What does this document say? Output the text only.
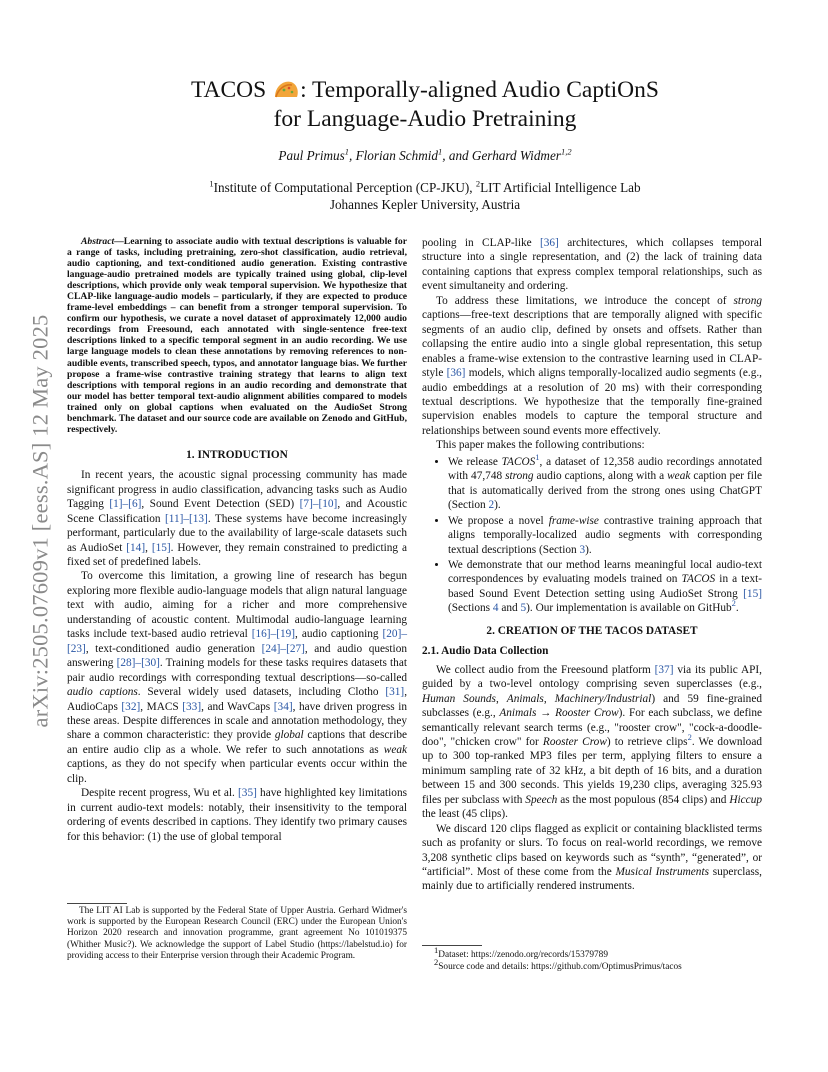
arXiv:2505.07609v1 [eess.AS] 12 May 2025
TACOS : Temporally-aligned Audio CaptiOnS
for Language-Audio Pretraining
Paul Primus$^1$, Florian Schmid$^1$, and Gerhard Widmer$^{1,2}$
$^1$Institute of Computational Perception (CP-JKU), $^2$LIT Artificial Intelligence Lab
Johannes Kepler University, Austria

Abstract—Learning to associate audio with textual descriptions is valuable for a range of tasks, including pretraining, zero-shot classification, audio retrieval, audio captioning, and text-conditioned audio generation. Existing contrastive language-audio pretrained models are typically trained using global, clip-level descriptions, which provide only weak temporal supervision. We hypothesize that CLAP-like language-audio models – particularly, if they are expected to produce frame-level embeddings – can benefit from a stronger temporal supervision. To confirm our hypothesis, we curate a novel dataset of approximately 12,000 audio recordings from Freesound, each annotated with single-sentence free-text descriptions linked to a specific temporal segment in an audio recording. We use large language models to clean these annotations by removing references to non-audible events, transcribed speech, typos, and annotator language bias. We further propose a frame-wise contrastive training strategy that learns to align text descriptions with temporal regions in an audio recording and demonstrate that our model has better temporal text-audio alignment abilities compared to models trained only on global captions when evaluated on the AudioSet Strong benchmark. The dataset and our source code are available on Zenodo and GitHub, respectively.

1. INTRODUCTION

In recent years, the acoustic signal processing community has made significant progress in audio classification, advancing tasks such as Audio Tagging [1]–[6], Sound Event Detection (SED) [7]–[10], and Acoustic Scene Classification [11]–[13]. These systems have become increasingly performant, particularly due to the availability of large-scale datasets such as AudioSet [14], [15]. However, they remain constrained to predicting a fixed set of predefined labels.

To overcome this limitation, a growing line of research has begun exploring more flexible audio-language models that align natural language text with audio, aiming for a richer and more comprehensive understanding of acoustic content. Multimodal audio-language learning tasks include text-based audio retrieval [16]–[19], audio captioning [20]–[23], text-conditioned audio generation [24]–[27], and audio question answering [28]–[30]. Training models for these tasks requires datasets that pair audio recordings with corresponding textual descriptions—so-called audio captions. Several widely used datasets, including Clotho [31], AudioCaps [32], MACS [33], and WavCaps [34], have driven progress in these areas. Despite differences in scale and annotation methodology, they share a common characteristic: they provide global captions that describe an entire audio clip as a whole. We refer to such annotations as weak captions, as they do not specify when particular events occur within the clip.

Despite recent progress, Wu et al. [35] have highlighted key limitations in current audio-text models: notably, their insensitivity to the temporal ordering of events described in captions. They identify two primary causes for this behavior: (1) the use of global temporal

The LIT AI Lab is supported by the Federal State of Upper Austria. Gerhard Widmer's work is supported by the European Research Council (ERC) under the European Union's Horizon 2020 research and innovation programme, grant agreement No 101019375 (Whither Music?). We acknowledge the support of Label Studio (https://labelstud.io) for providing access to their Enterprise version through their Academic Program.

pooling in CLAP-like [36] architectures, which collapses temporal structure into a single representation, and (2) the lack of training data containing captions that express complex temporal relationships, such as event simultaneity and ordering.

To address these limitations, we introduce the concept of strong captions—free-text descriptions that are temporally aligned with specific segments of an audio clip, defined by onsets and offsets. Rather than collapsing the entire audio into a single global representation, this setup enables a frame-wise extension to the contrastive learning used in CLAP-style [36] models, which aligns temporally-localized audio segments (e.g., audio embeddings at a resolution of 20 ms) with their corresponding textual descriptions. We hypothesize that the temporally fine-grained supervision enables models to capture the temporal structure and relationships between sound events more effectively.

This paper makes the following contributions:

• We release TACOS$^1$, a dataset of 12,358 audio recordings annotated with 47,748 strong audio captions, along with a weak caption per file that is automatically derived from the strong ones using ChatGPT (Section 2).
• We propose a novel frame-wise contrastive training approach that aligns temporally-localized audio segments with corresponding textual descriptions (Section 3).
• We demonstrate that our method learns meaningful local audio-text correspondences by evaluating models trained on TACOS in a text-based Sound Event Detection setting using AudioSet Strong [15] (Sections 4 and 5). Our implementation is available on GitHub$^2$.
2. CREATION OF THE TACOS DATASET
2.1. Audio Data Collection

We collect audio from the Freesound platform [37] via its public API, guided by a two-level ontology comprising seven superclasses (e.g., Human Sounds, Animals, Machinery/Industrial) and 59 fine-grained subclasses (e.g., Animals → Rooster Crow). For each subclass, we define semantically relevant search terms (e.g., "rooster crow", "cock-a-doodle-doo", "chicken crow" for Rooster Crow) to retrieve clips$^2$. We download up to 300 top-ranked MP3 files per term, applying filters to ensure a minimum sampling rate of 32 kHz, a bit depth of 16 bits, and a duration between 15 and 300 seconds. This yields 19,230 clips, averaging 325.93 files per subclass with Speech as the most populous (854 clips) and Hiccup the least (45 clips).

We discard 120 clips flagged as explicit or containing blacklisted terms such as profanity or slurs. To focus on real-world recordings, we remove 3,208 synthetic clips based on keywords such as “synth”, “generated”, or “artificial”. Most of these come from the Musical Instruments superclass, mainly due to artificially rendered instruments.

$^1$Dataset: https://zenodo.org/records/15379789
$^2$Source code and details: https://github.com/OptimusPrimus/tacos
